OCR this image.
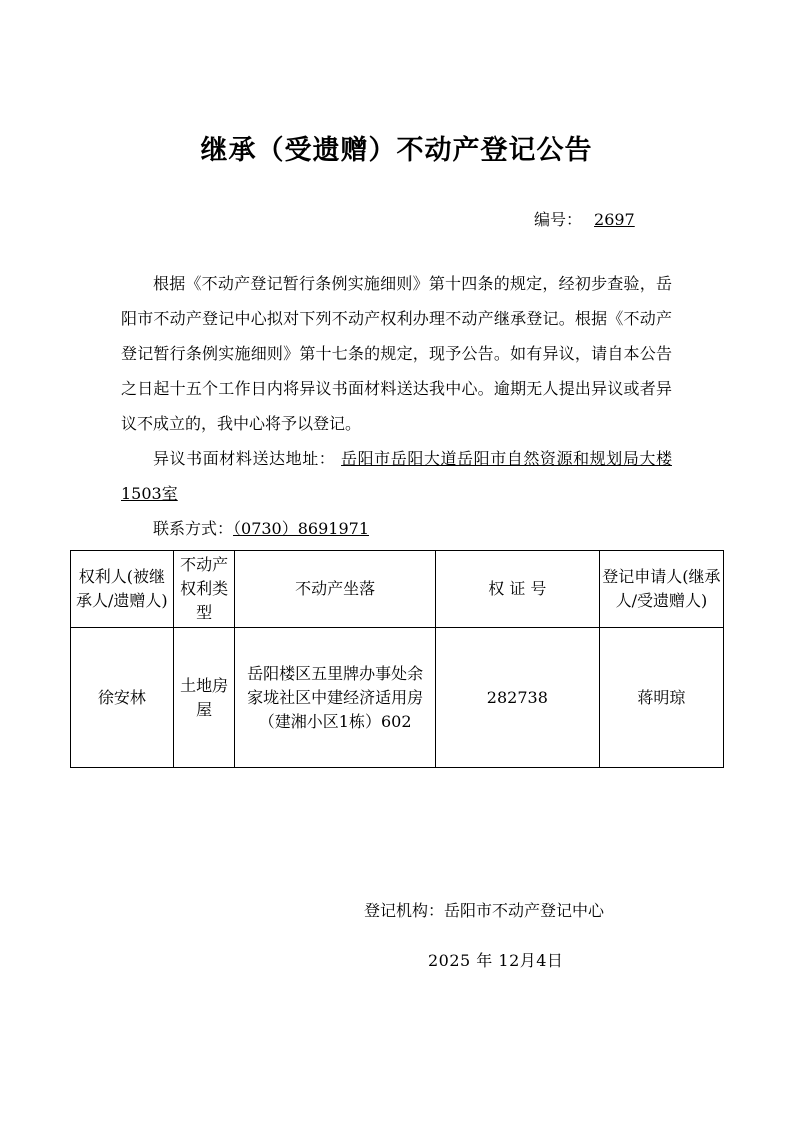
继承（受遗赠）不动产登记公告
编号： 2697

根据《不动产登记暂行条例实施细则》第十四条的规定，经初步查验，岳阳市不动产登记中心拟对下列不动产权利办理不动产继承登记。根据《不动产登记暂行条例实施细则》第十七条的规定，现予公告。如有异议，请自本公告之日起十五个工作日内将异议书面材料送达我中心。逾期无人提出异议或者异议不成立的，我中心将予以登记。

异议书面材料送达地址： 岳阳市岳阳大道岳阳市自然资源和规划局大楼1503室

联系方式：（0730）8691971

权利人(被继承人/遗赠人)	不动产权利类型	不动产坐落	权 证 号	登记申请人(继承人/受遗赠人)
徐安林	土地房屋	岳阳楼区五里牌办事处余家垅社区中建经济适用房（建湘小区1栋）602	282738	蒋明琼
登记机构：岳阳市不动产登记中心
2025 年 12月4日
